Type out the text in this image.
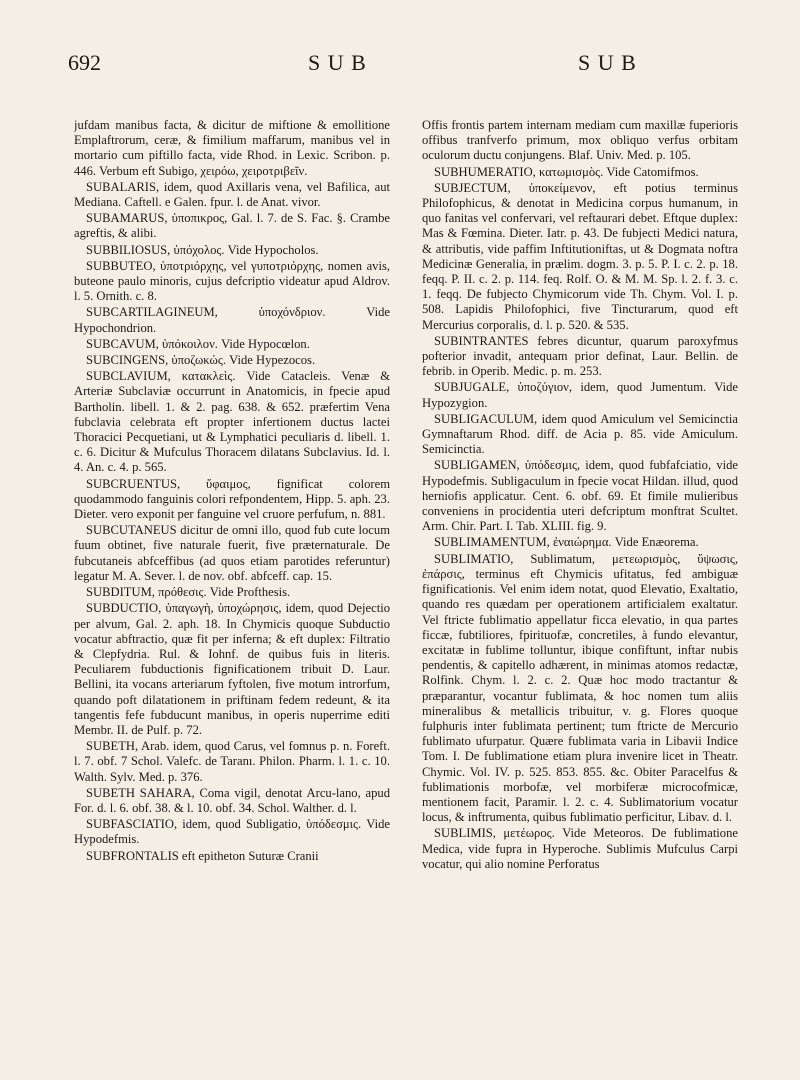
692	S U B	S U B

jufdam manibus facta, & dicitur de miftione & emollitione Emplaftrorum, ceræ, & fimilium maffarum, manibus vel in mortario cum piftillo facta, vide Rhod. in Lexic. Scribon. p. 446. Verbum eft Subigo, χειρόω, χειροτριβεῖν.

SUBALARIS, idem, quod Axillaris vena, vel Bafilica, aut Mediana. Caftell. e Galen. fpur. l. de Anat. vivor.

SUBAMARUS, ὑποπικρος, Gal. l. 7. de S. Fac. §. Crambe agreftis, & alibi.

SUBBILIOSUS, ὑπόχολος. Vide Hypocholos.

SUBBUTEO, ὑποτριόρχης, vel γυποτριόρχης, nomen avis, buteone paulo minoris, cujus defcriptio videatur apud Aldrov. l. 5. Ornith. c. 8.

SUBCARTILAGINEUM, ὑποχόνδριον. Vide Hypochondrion.

SUBCAVUM, ὑπόκοιλον. Vide Hypocœlon.

SUBCINGENS, ὑποζωκώς. Vide Hypezocos.

SUBCLAVIUM, κατακλεὶς. Vide Catacleis. Venæ & Arteriæ Subclaviæ occurrunt in Anatomicis, in fpecie apud Bartholin. libell. 1. & 2. pag. 638. & 652. præfertim Vena fubclavia celebrata eft propter infertionem ductus lactei Thoracici Pecquetiani, ut & Lymphatici peculiaris d. libell. 1. c. 6. Dicitur & Mufculus Thoracem dilatans Subclavius. Id. l. 4. An. c. 4. p. 565.

SUBCRUENTUS, ὕφαιμος, fignificat colorem quodammodo fanguinis colori refpondentem, Hipp. 5. aph. 23. Dieter. vero exponit per fanguine vel cruore perfufum, n. 881.

SUBCUTANEUS dicitur de omni illo, quod fub cute locum fuum obtinet, five naturale fuerit, five præternaturale. De fubcutaneis abfceffibus (ad quos etiam parotides referuntur) legatur M. A. Sever. l. de nov. obf. abfceff. cap. 15.

SUBDITUM, πρόθεσις. Vide Profthesis.

SUBDUCTIO, ὑπαγωγὴ, ὑποχώρησις, idem, quod Dejectio per alvum, Gal. 2. aph. 18. In Chymicis quoque Subductio vocatur abftractio, quæ fit per inferna; & eft duplex: Filtratio & Clepfydria. Rul. & Iohnf. de quibus fuis in literis. Peculiarem fubductionis fignificationem tribuit D. Laur. Bellini, ita vocans arteriarum fyftolen, five motum introrfum, quando poft dilatationem in priftinam fedem redeunt, & ita tangentis fefe fubducunt manibus, in operis nuperrime editi Membr. II. de Pulf. p. 72.

SUBETH, Arab. idem, quod Carus, vel fomnus p. n. Foreft. l. 7. obf. 7 Schol. Valefc. de Taranı. Philon. Pharm. l. 1. c. 10. Walth. Sylv. Med. p. 376.

SUBETH SAHARA, Coma vigil, denotat Arcu-lano, apud For. d. l. 6. obf. 38. & l. 10. obf. 34. Schol. Walther. d. l.

SUBFASCIATIO, idem, quod Subligatio, ὑπόδεσμις. Vide Hypodefmis.

SUBFRONTALIS eft epitheton Suturæ Cranii

Offis frontis partem internam mediam cum maxillæ fuperioris offibus tranfverfo primum, mox obliquo verfus orbitam oculorum ductu conjungens. Blaf. Univ. Med. p. 105.

SUBHUMERATIO, κατωμισμὸς. Vide Catomifmos.

SUBJECTUM, ὑποκείμενον, eft potius terminus Philofophicus, & denotat in Medicina corpus humanum, in quo fanitas vel confervari, vel reftaurari debet. Eftque duplex: Mas & Fœmina. Dieter. Iatr. p. 43. De fubjecti Medici natura, & attributis, vide paffim Inftitutioniftas, ut & Dogmata noftra Medicinæ Generalia, in prælim. dogm. 3. p. 5. P. I. c. 2. p. 18. feqq. P. II. c. 2. p. 114. feq. Rolf. O. & M. M. Sp. l. 2. f. 3. c. 1. feqq. De fubjecto Chymicorum vide Th. Chym. Vol. I. p. 508. Lapidis Philofophici, five Tincturarum, quod eft Mercurius corporalis, d. l. p. 520. & 535.

SUBINTRANTES febres dicuntur, quarum paroxyfmus pofterior invadit, antequam prior definat, Laur. Bellin. de febrib. in Operib. Medic. p. m. 253.

SUBJUGALE, ὑποζύγιον, idem, quod Jumentum. Vide Hypozygion.

SUBLIGACULUM, idem quod Amiculum vel Semicinctia Gymnaftarum Rhod. diff. de Acia p. 85. vide Amiculum. Semicinctia.

SUBLIGAMEN, ὑπόδεσμις, idem, quod fubfafciatio, vide Hypodefmis. Subligaculum in fpecie vocat Hildan. illud, quod herniofis applicatur. Cent. 6. obf. 69. Et fimile mulieribus conveniens in procidentia uteri defcriptum monftrat Scultet. Arm. Chir. Part. I. Tab. XLIII. fig. 9.

SUBLIMAMENTUM, ἐναιώρημα. Vide Enæorema.

SUBLIMATIO, Sublimatum, μετεωρισμὸς, ὕψωσις, ἐπάρσις, terminus eft Chymicis ufitatus, fed ambiguæ fignificationis. Vel enim idem notat, quod Elevatio, Exaltatio, quando res quædam per operationem artificialem exaltatur. Vel ftricte fublimatio appellatur ficca elevatio, in qua partes ficcæ, fubtiliores, fpirituofæ, concretiles, à fundo elevantur, excitatæ in fublime tolluntur, ibique confiftunt, inftar nubis pendentis, & capitello adhærent, in minimas atomos redactæ, Rolfink. Chym. l. 2. c. 2. Quæ hoc modo tractantur & præparantur, vocantur fublimata, & hoc nomen tum aliis mineralibus & metallicis tribuitur, v. g. Flores quoque fulphuris inter fublimata pertinent; tum ftricte de Mercurio fublimato ufurpatur. Quære fublimata varia in Libavii Indice Tom. I. De fublimatione etiam plura invenire licet in Theatr. Chymic. Vol. IV. p. 525. 853. 855. &c. Obiter Paracelfus & fublimationis morbofæ, vel morbiferæ microcofmicæ, mentionem facit, Paramir. l. 2. c. 4. Sublimatorium vocatur locus, & inftrumenta, quibus fublimatio perficitur, Libav. d. l.

SUBLIMIS, μετέωρος. Vide Meteoros. De fublimatione Medica, vide fupra in Hyperoche. Sublimis Mufculus Carpi vocatur, qui alio nomine Perforatus
